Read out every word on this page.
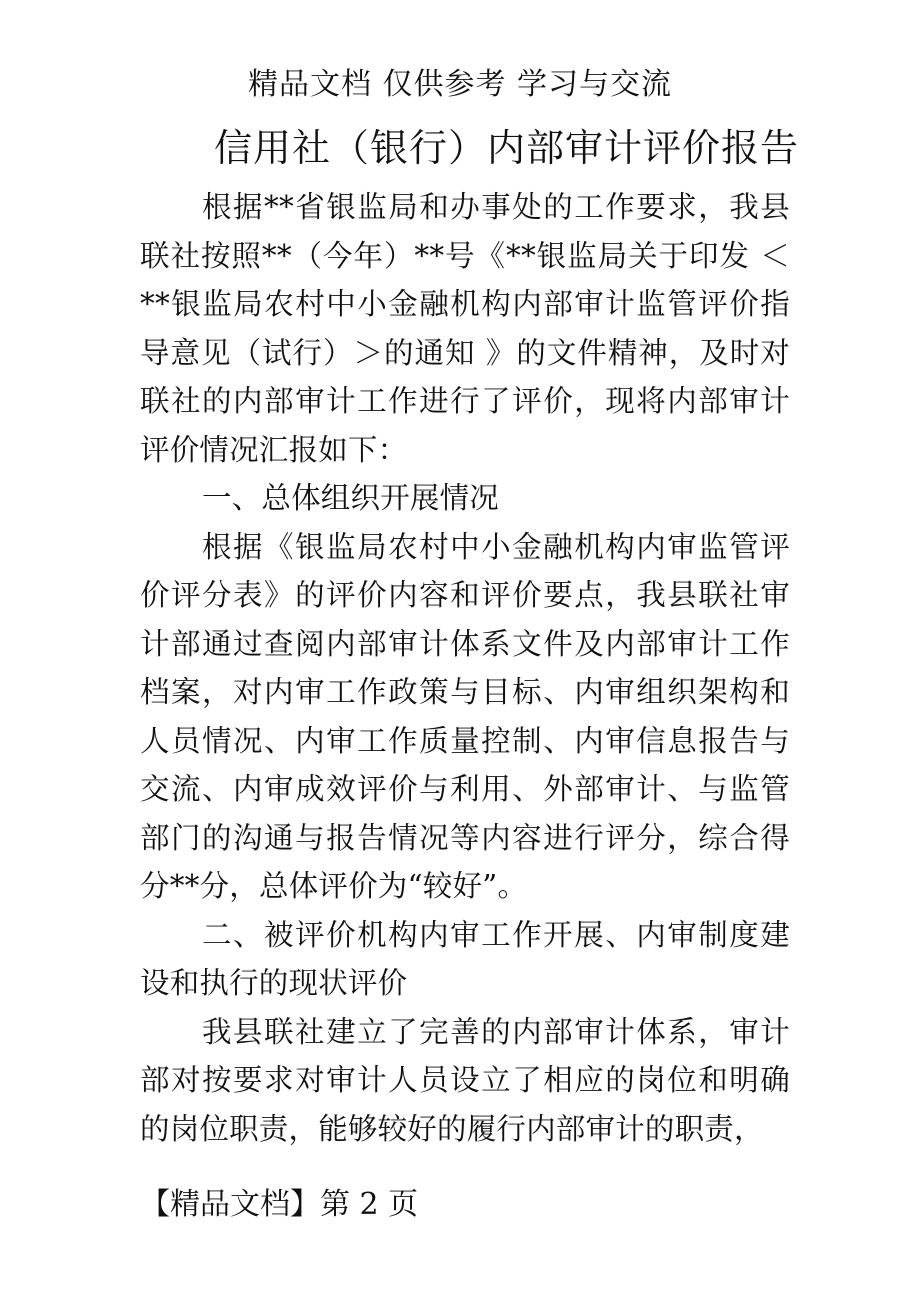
精品文档 仅供参考 学习与交流
信用社（银行）内部审计评价报告

根据**省银监局和办事处的工作要求，我县联社按照**（今年）**号《**银监局关于印发 ＜**银监局农村中小金融机构内部审计监管评价指导意见（试行）＞的通知 》的文件精神，及时对联社的内部审计工作进行了评价，现将内部审计评价情况汇报如下：

一、总体组织开展情况

根据《银监局农村中小金融机构内审监管评价评分表》的评价内容和评价要点，我县联社审计部通过查阅内部审计体系文件及内部审计工作档案，对内审工作政策与目标、内审组织架构和人员情况、内审工作质量控制、内审信息报告与交流、内审成效评价与利用、外部审计、与监管部门的沟通与报告情况等内容进行评分，综合得分**分，总体评价为“较好”。

二、被评价机构内审工作开展、内审制度建设和执行的现状评价

我县联社建立了完善的内部审计体系，审计部对按要求对审计人员设立了相应的岗位和明确的岗位职责，能够较好的履行内部审计的职责，

【精品文档】第 2 页
